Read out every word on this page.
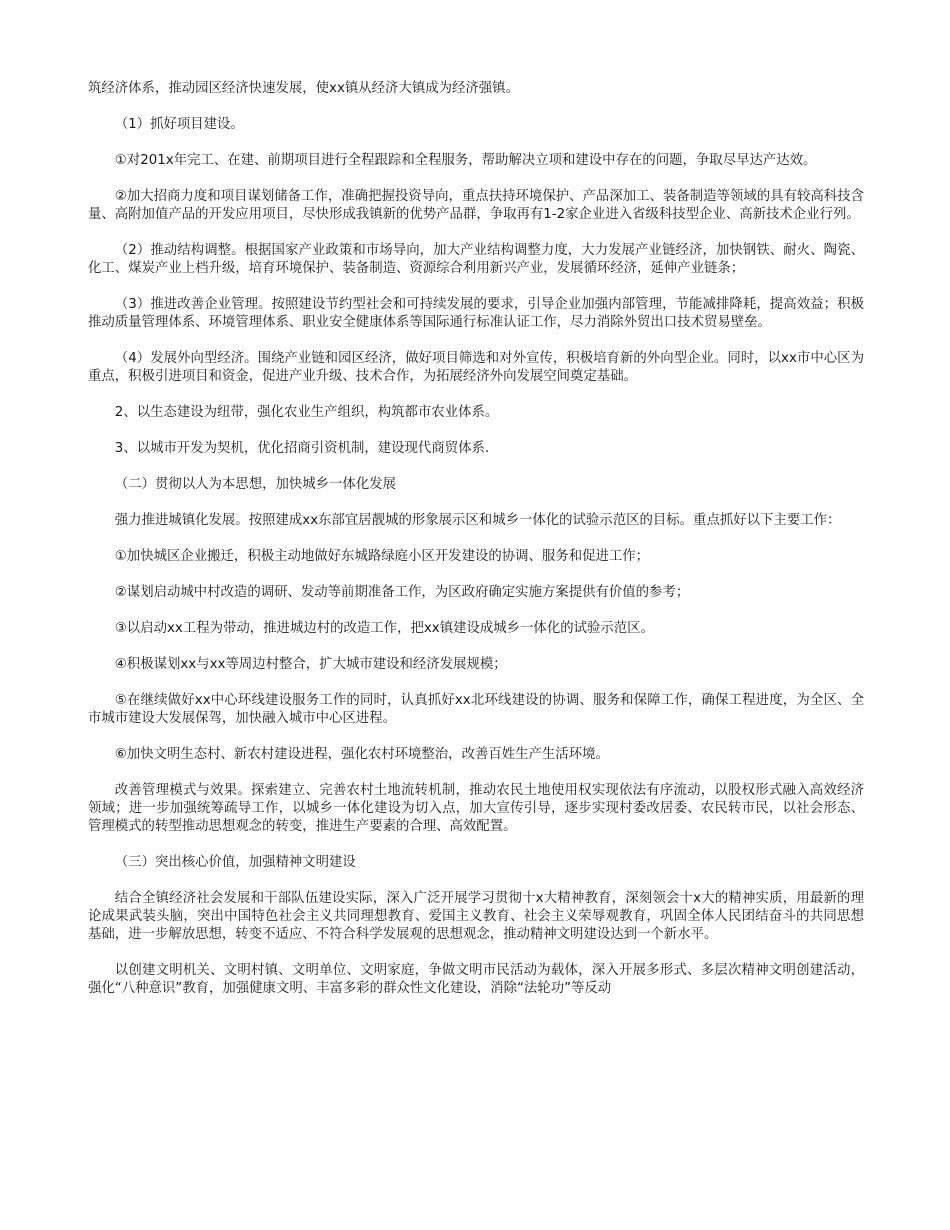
筑经济体系，推动园区经济快速发展，使xx镇从经济大镇成为经济强镇。

（1）抓好项目建设。

①对201x年完工、在建、前期项目进行全程跟踪和全程服务，帮助解决立项和建设中存在的问题，争取尽早达产达效。

②加大招商力度和项目谋划储备工作，准确把握投资导向，重点扶持环境保护、产品深加工、装备制造等领域的具有较高科技含量、高附加值产品的开发应用项目，尽快形成我镇新的优势产品群，争取再有1-2家企业进入省级科技型企业、高新技术企业行列。

（2）推动结构调整。根据国家产业政策和市场导向，加大产业结构调整力度，大力发展产业链经济，加快钢铁、耐火、陶瓷、化工、煤炭产业上档升级，培育环境保护、装备制造、资源综合利用新兴产业，发展循环经济，延伸产业链条；

（3）推进改善企业管理。按照建设节约型社会和可持续发展的要求，引导企业加强内部管理，节能减排降耗，提高效益；积极推动质量管理体系、环境管理体系、职业安全健康体系等国际通行标准认证工作，尽力消除外贸出口技术贸易壁垒。

（4）发展外向型经济。围绕产业链和园区经济，做好项目筛选和对外宣传，积极培育新的外向型企业。同时，以xx市中心区为重点，积极引进项目和资金，促进产业升级、技术合作，为拓展经济外向发展空间奠定基础。

2、以生态建设为纽带，强化农业生产组织，构筑都市农业体系。

3、以城市开发为契机，优化招商引资机制，建设现代商贸体系.

（二）贯彻以人为本思想，加快城乡一体化发展

强力推进城镇化发展。按照建成xx东部宜居靓城的形象展示区和城乡一体化的试验示范区的目标。重点抓好以下主要工作：

①加快城区企业搬迁，积极主动地做好东城路绿庭小区开发建设的协调、服务和促进工作；

②谋划启动城中村改造的调研、发动等前期准备工作，为区政府确定实施方案提供有价值的参考；

③以启动xx工程为带动，推进城边村的改造工作，把xx镇建设成城乡一体化的试验示范区。

④积极谋划xx与xx等周边村整合，扩大城市建设和经济发展规模；

⑤在继续做好xx中心环线建设服务工作的同时，认真抓好xx北环线建设的协调、服务和保障工作，确保工程进度，为全区、全市城市建设大发展保驾，加快融入城市中心区进程。

⑥加快文明生态村、新农村建设进程，强化农村环境整治，改善百姓生产生活环境。

改善管理模式与效果。探索建立、完善农村土地流转机制，推动农民土地使用权实现依法有序流动，以股权形式融入高效经济领域；进一步加强统筹疏导工作，以城乡一体化建设为切入点，加大宣传引导，逐步实现村委改居委、农民转市民，以社会形态、管理模式的转型推动思想观念的转变，推进生产要素的合理、高效配置。

（三）突出核心价值，加强精神文明建设

结合全镇经济社会发展和干部队伍建设实际，深入广泛开展学习贯彻十x大精神教育，深刻领会十x大的精神实质，用最新的理论成果武装头脑，突出中国特色社会主义共同理想教育、爱国主义教育、社会主义荣辱观教育，巩固全体人民团结奋斗的共同思想基础，进一步解放思想，转变不适应、不符合科学发展观的思想观念，推动精神文明建设达到一个新水平。

以创建文明机关、文明村镇、文明单位、文明家庭，争做文明市民活动为载体，深入开展多形式、多层次精神文明创建活动，强化“八种意识”教育，加强健康文明、丰富多彩的群众性文化建设，消除“法轮功”等反动
